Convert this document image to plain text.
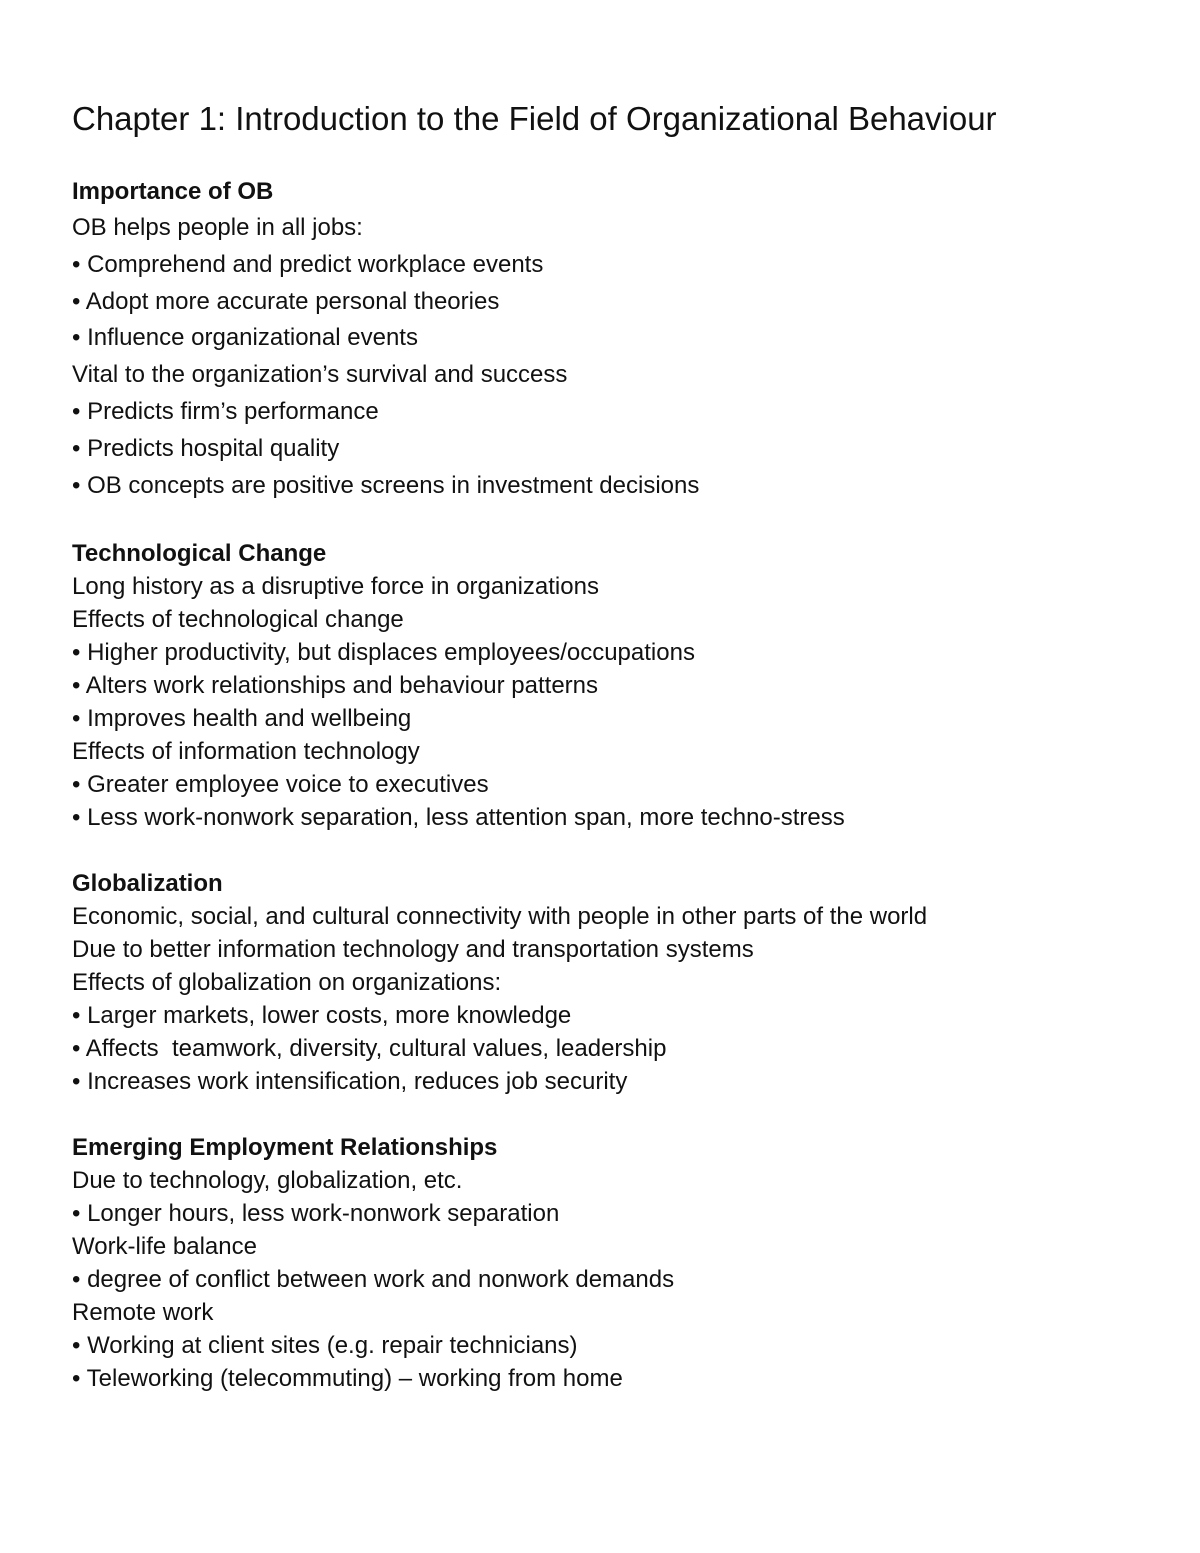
Chapter 1: Introduction to the Field of Organizational Behaviour
Importance of OB
OB helps people in all jobs:
• Comprehend and predict workplace events
• Adopt more accurate personal theories
• Influence organizational events
Vital to the organization’s survival and success
• Predicts firm’s performance
• Predicts hospital quality
• OB concepts are positive screens in investment decisions
Technological Change
Long history as a disruptive force in organizations
Effects of technological change
• Higher productivity, but displaces employees/occupations
• Alters work relationships and behaviour patterns
• Improves health and wellbeing
Effects of information technology
• Greater employee voice to executives
• Less work-nonwork separation, less attention span, more techno-stress
Globalization
Economic, social, and cultural connectivity with people in other parts of the world
Due to better information technology and transportation systems
Effects of globalization on organizations:
• Larger markets, lower costs, more knowledge
• Affects  teamwork, diversity, cultural values, leadership
• Increases work intensification, reduces job security
Emerging Employment Relationships
Due to technology, globalization, etc.
• Longer hours, less work-nonwork separation
Work-life balance
• degree of conflict between work and nonwork demands
Remote work
• Working at client sites (e.g. repair technicians)
• Teleworking (telecommuting) – working from home
